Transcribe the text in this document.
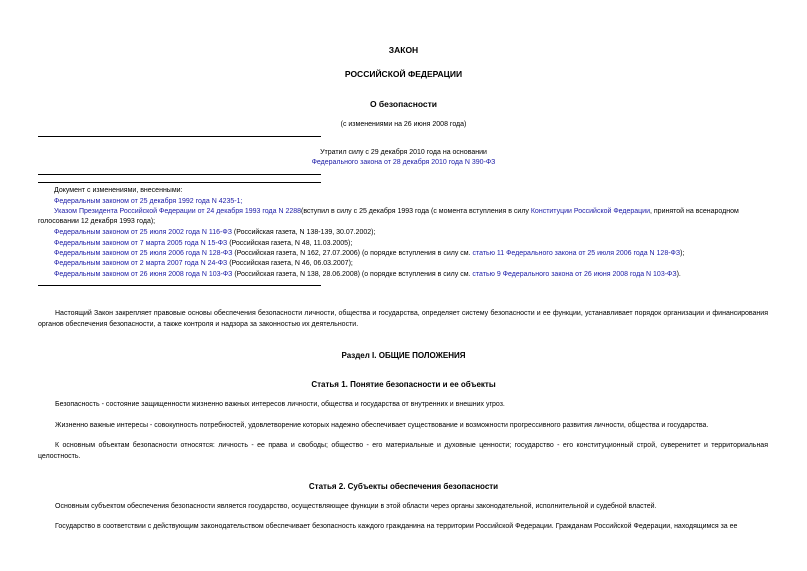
ЗАКОН
РОССИЙСКОЙ ФЕДЕРАЦИИ
О безопасности
(с изменениями на 26 июня 2008 года)
Утратил силу с 29 декабря 2010 года на основании
Федерального закона от 28 декабря 2010 года N 390-ФЗ
Документ с изменениями, внесенными:
Федеральным законом от 25 декабря 1992 года N 4235-1;
Указом Президента Российской Федерации от 24 декабря 1993 года N 2288(вступил в силу с 25 декабря 1993 года (с момента вступления в силу Конституции Российской Федерации, принятой на всенародном
голосовании 12 декабря 1993 года);
Федеральным законом от 25 июля 2002 года N 116-ФЗ (Российская газета, N 138-139, 30.07.2002);
Федеральным законом от 7 марта 2005 года N 15-ФЗ (Российская газета, N 48, 11.03.2005);
Федеральным законом от 25 июля 2006 года N 128-ФЗ (Российская газета, N 162, 27.07.2006) (о порядке вступления в силу см. статью 11 Федерального закона от 25 июля 2006 года N 128-ФЗ);
Федеральным законом от 2 марта 2007 года N 24-ФЗ (Российская газета, N 46, 06.03.2007);
Федеральным законом от 26 июня 2008 года N 103-ФЗ (Российская газета, N 138, 28.06.2008) (о порядке вступления в силу см. статью 9 Федерального закона от 26 июня 2008 года N 103-ФЗ).
Настоящий Закон закрепляет правовые основы обеспечения безопасности личности, общества и государства, определяет систему безопасности и ее функции, устанавливает порядок организации и финансирования органов обеспечения безопасности, а также контроля и надзора за законностью их деятельности.
Раздел I. ОБЩИЕ ПОЛОЖЕНИЯ
Статья 1. Понятие безопасности и ее объекты
Безопасность - состояние защищенности жизненно важных интересов личности, общества и государства от внутренних и внешних угроз.
Жизненно важные интересы - совокупность потребностей, удовлетворение которых надежно обеспечивает существование и возможности прогрессивного развития личности, общества и государства.
К основным объектам безопасности относятся: личность - ее права и свободы; общество - его материальные и духовные ценности; государство - его конституционный строй, суверенитет и территориальная целостность.
Статья 2. Субъекты обеспечения безопасности
Основным субъектом обеспечения безопасности является государство, осуществляющее функции в этой области через органы законодательной, исполнительной и судебной властей.
Государство в соответствии с действующим законодательством обеспечивает безопасность каждого гражданина на территории Российской Федерации. Гражданам Российской Федерации, находящимся за ее
